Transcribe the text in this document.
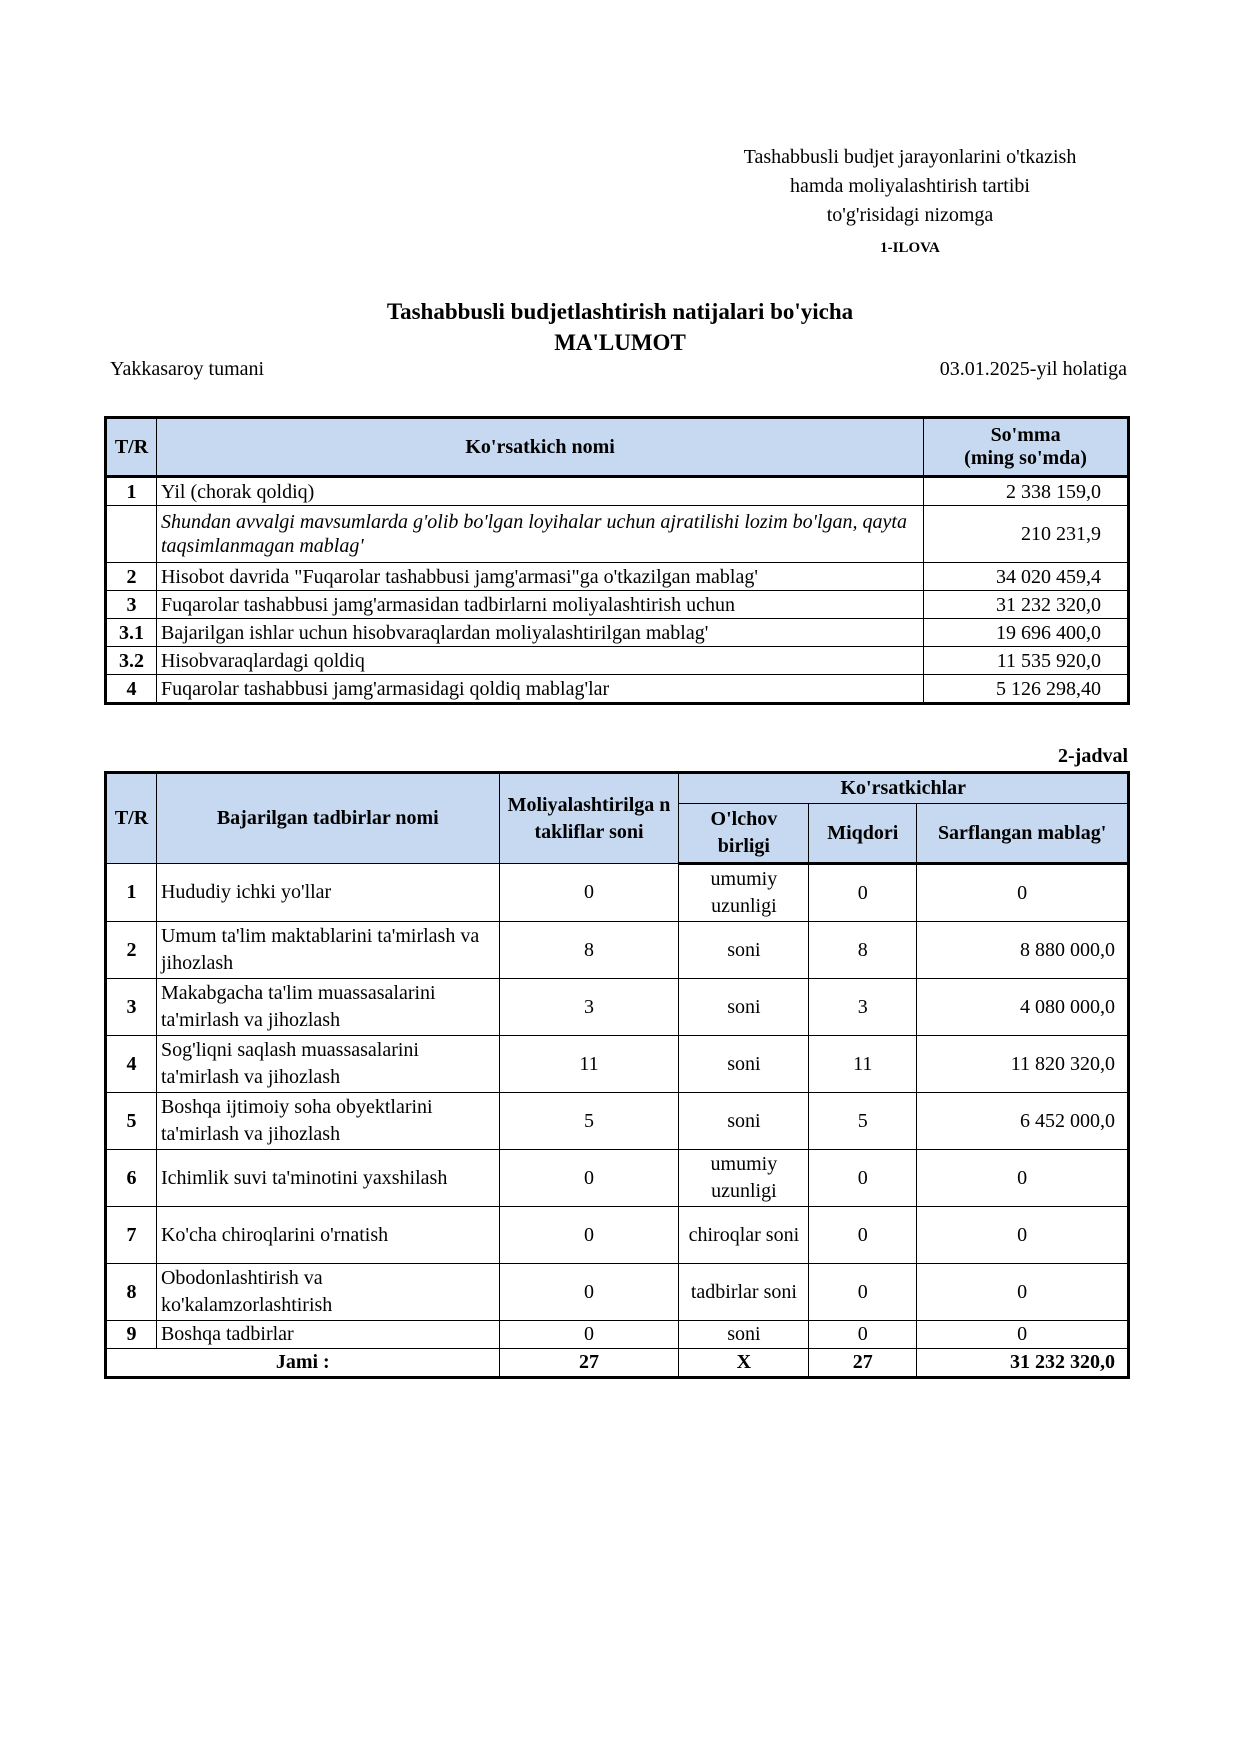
Tashabbusli budjet jarayonlarini o'tkazish
hamda moliyalashtirish tartibi
to'g'risidagi nizomga
1-ILOVA
Tashabbusli budjetlashtirish natijalari bo'yicha
MA'LUMOT
Yakkasaroy tumani	03.01.2025-yil holatiga
T/R	Ko'rsatkich nomi	So'mma
(ming so'mda)

1	Yil (chorak qoldiq)	2 338 159,0
	Shundan avvalgi mavsumlarda g'olib bo'lgan loyihalar uchun ajratilishi lozim bo'lgan, qayta taqsimlanmagan mablag'	210 231,9
2	Hisobot davrida "Fuqarolar tashabbusi jamg'armasi"ga o'tkazilgan mablag'	34 020 459,4
3	Fuqarolar tashabbusi jamg'armasidan tadbirlarni moliyalashtirish uchun	31 232 320,0
3.1	Bajarilgan ishlar uchun hisobvaraqlardan moliyalashtirilgan mablag'	19 696 400,0
3.2	Hisobvaraqlardagi qoldiq	11 535 920,0
4	Fuqarolar tashabbusi jamg'armasidagi qoldiq mablag'lar	5 126 298,40
2-jadval
T/R	Bajarilgan tadbirlar nomi	Moliyalashtirilga n takliflar soni	Ko'rsatkichlar		
			O'lchov birligi	Miqdori	Sarflangan mablag'
1	Hududiy ichki yo'llar	0	umumiy uzunligi	0	0
2	Umum ta'lim maktablarini ta'mirlash va jihozlash	8	soni	8	8 880 000,0
3	Makabgacha ta'lim muassasalarini ta'mirlash va jihozlash	3	soni	3	4 080 000,0
4	Sog'liqni saqlash muassasalarini ta'mirlash va jihozlash	11	soni	11	11 820 320,0
5	Boshqa ijtimoiy soha obyektlarini ta'mirlash va jihozlash	5	soni	5	6 452 000,0
6	Ichimlik suvi ta'minotini yaxshilash	0	umumiy uzunligi	0	0
7	Ko'cha chiroqlarini o'rnatish	0	chiroqlar soni	0	0
8	Obodonlashtirish va ko'kalamzorlashtirish	0	tadbirlar soni	0	0
9	Boshqa tadbirlar	0	soni	0	0
Jami :		27	X	27	31 232 320,0
